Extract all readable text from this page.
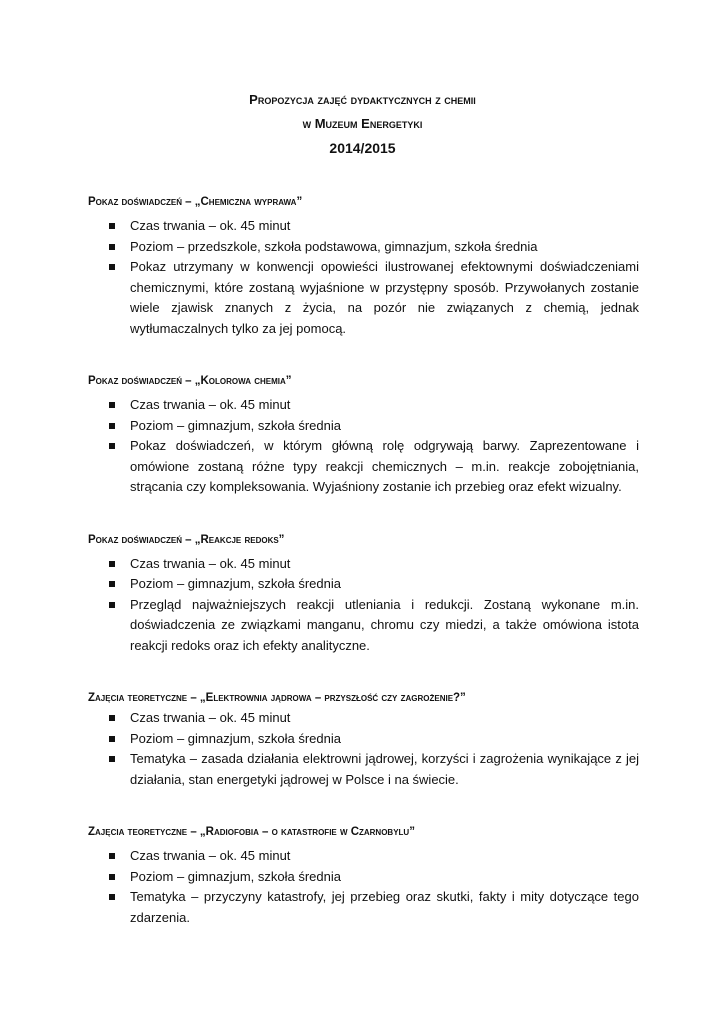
Propozycja zajęć dydaktycznych z chemii
w Muzeum Energetyki
2014/2015
Pokaz doświadczeń – „Chemiczna wyprawa”
Czas trwania – ok. 45 minut
Poziom – przedszkole, szkoła podstawowa, gimnazjum, szkoła średnia
Pokaz utrzymany w konwencji opowieści ilustrowanej efektownymi doświadczeniami chemicznymi, które zostaną wyjaśnione w przystępny sposób. Przywołanych zostanie wiele zjawisk znanych z życia, na pozór nie związanych z chemią, jednak wytłumaczalnych tylko za jej pomocą.
Pokaz doświadczeń – „Kolorowa chemia”
Czas trwania – ok. 45 minut
Poziom – gimnazjum, szkoła średnia
Pokaz doświadczeń, w którym główną rolę odgrywają barwy. Zaprezentowane i omówione zostaną różne typy reakcji chemicznych – m.in. reakcje zobojętniania, strącania czy kompleksowania. Wyjaśniony zostanie ich przebieg oraz efekt wizualny.
Pokaz doświadczeń – „Reakcje redoks”
Czas trwania – ok. 45 minut
Poziom – gimnazjum, szkoła średnia
Przegląd najważniejszych reakcji utleniania i redukcji. Zostaną wykonane m.in. doświadczenia ze związkami manganu, chromu czy miedzi, a także omówiona istota reakcji redoks oraz ich efekty analityczne.
Zajęcia teoretyczne – „Elektrownia jądrowa – przyszłość czy zagrożenie?”
Czas trwania – ok. 45 minut
Poziom – gimnazjum, szkoła średnia
Tematyka – zasada działania elektrowni jądrowej, korzyści i zagrożenia wynikające z jej działania, stan energetyki jądrowej w Polsce i na świecie.
Zajęcia teoretyczne – „Radiofobia – o katastrofie w Czarnobylu”
Czas trwania – ok. 45 minut
Poziom – gimnazjum, szkoła średnia
Tematyka – przyczyny katastrofy, jej przebieg oraz skutki, fakty i mity dotyczące tego zdarzenia.
